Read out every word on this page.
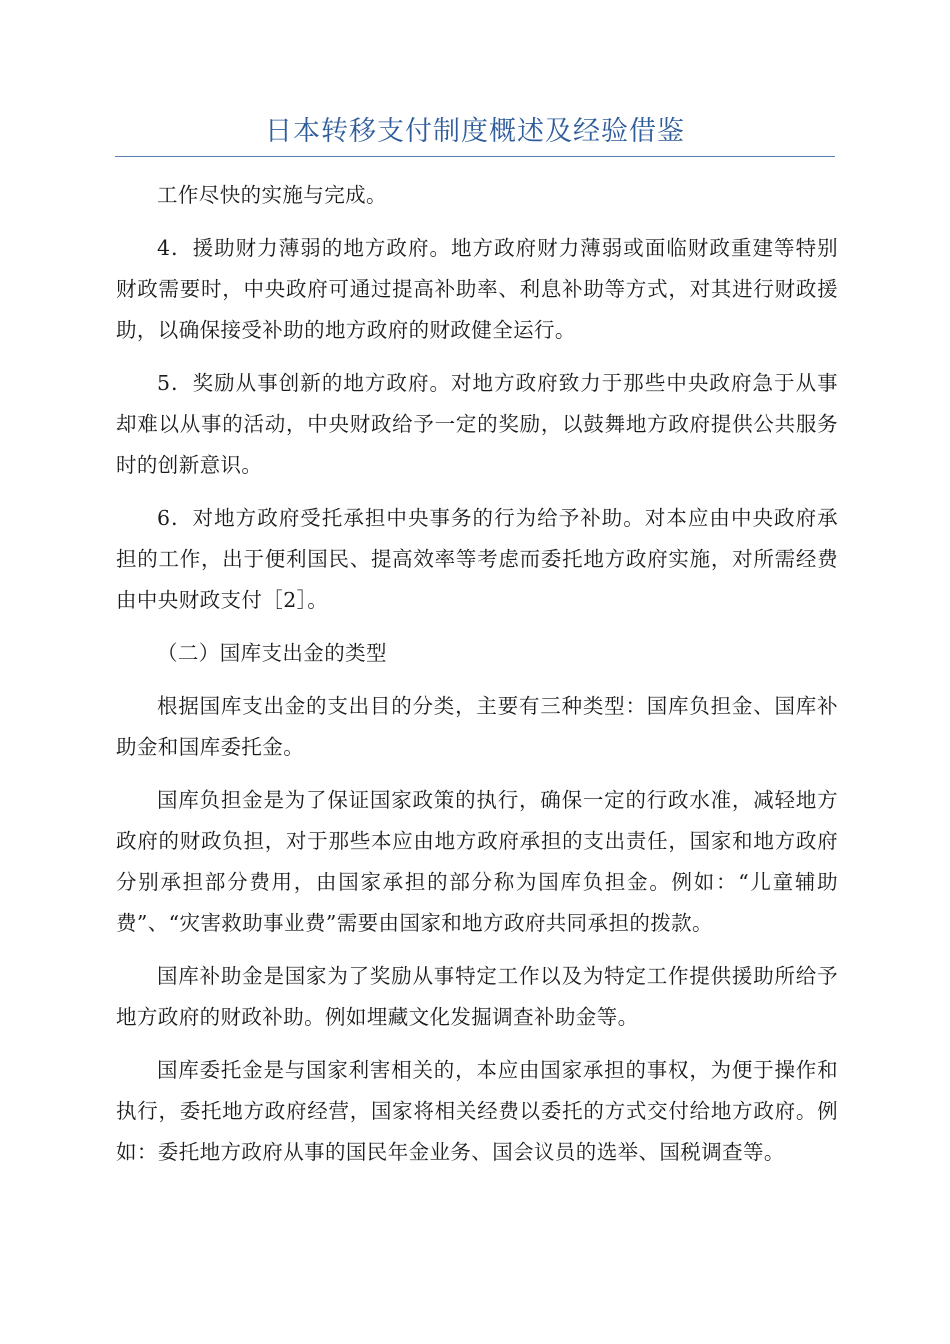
日本转移支付制度概述及经验借鉴

工作尽快的实施与完成。

4．援助财力薄弱的地方政府。地方政府财力薄弱或面临财政重建等特别财政需要时，中央政府可通过提高补助率、利息补助等方式，对其进行财政援助，以确保接受补助的地方政府的财政健全运行。

5．奖励从事创新的地方政府。对地方政府致力于那些中央政府急于从事却难以从事的活动，中央财政给予一定的奖励，以鼓舞地方政府提供公共服务时的创新意识。

6．对地方政府受托承担中央事务的行为给予补助。对本应由中央政府承担的工作，出于便利国民、提高效率等考虑而委托地方政府实施，对所需经费由中央财政支付［2］。

（二）国库支出金的类型

根据国库支出金的支出目的分类，主要有三种类型：国库负担金、国库补助金和国库委托金。

国库负担金是为了保证国家政策的执行，确保一定的行政水准，减轻地方政府的财政负担，对于那些本应由地方政府承担的支出责任，国家和地方政府分别承担部分费用，由国家承担的部分称为国库负担金。例如：“儿童辅助费”、“灾害救助事业费”需要由国家和地方政府共同承担的拨款。

国库补助金是国家为了奖励从事特定工作以及为特定工作提供援助所给予地方政府的财政补助。例如埋藏文化发掘调查补助金等。

国库委托金是与国家利害相关的，本应由国家承担的事权，为便于操作和执行，委托地方政府经营，国家将相关经费以委托的方式交付给地方政府。例如：委托地方政府从事的国民年金业务、国会议员的选举、国税调查等。
